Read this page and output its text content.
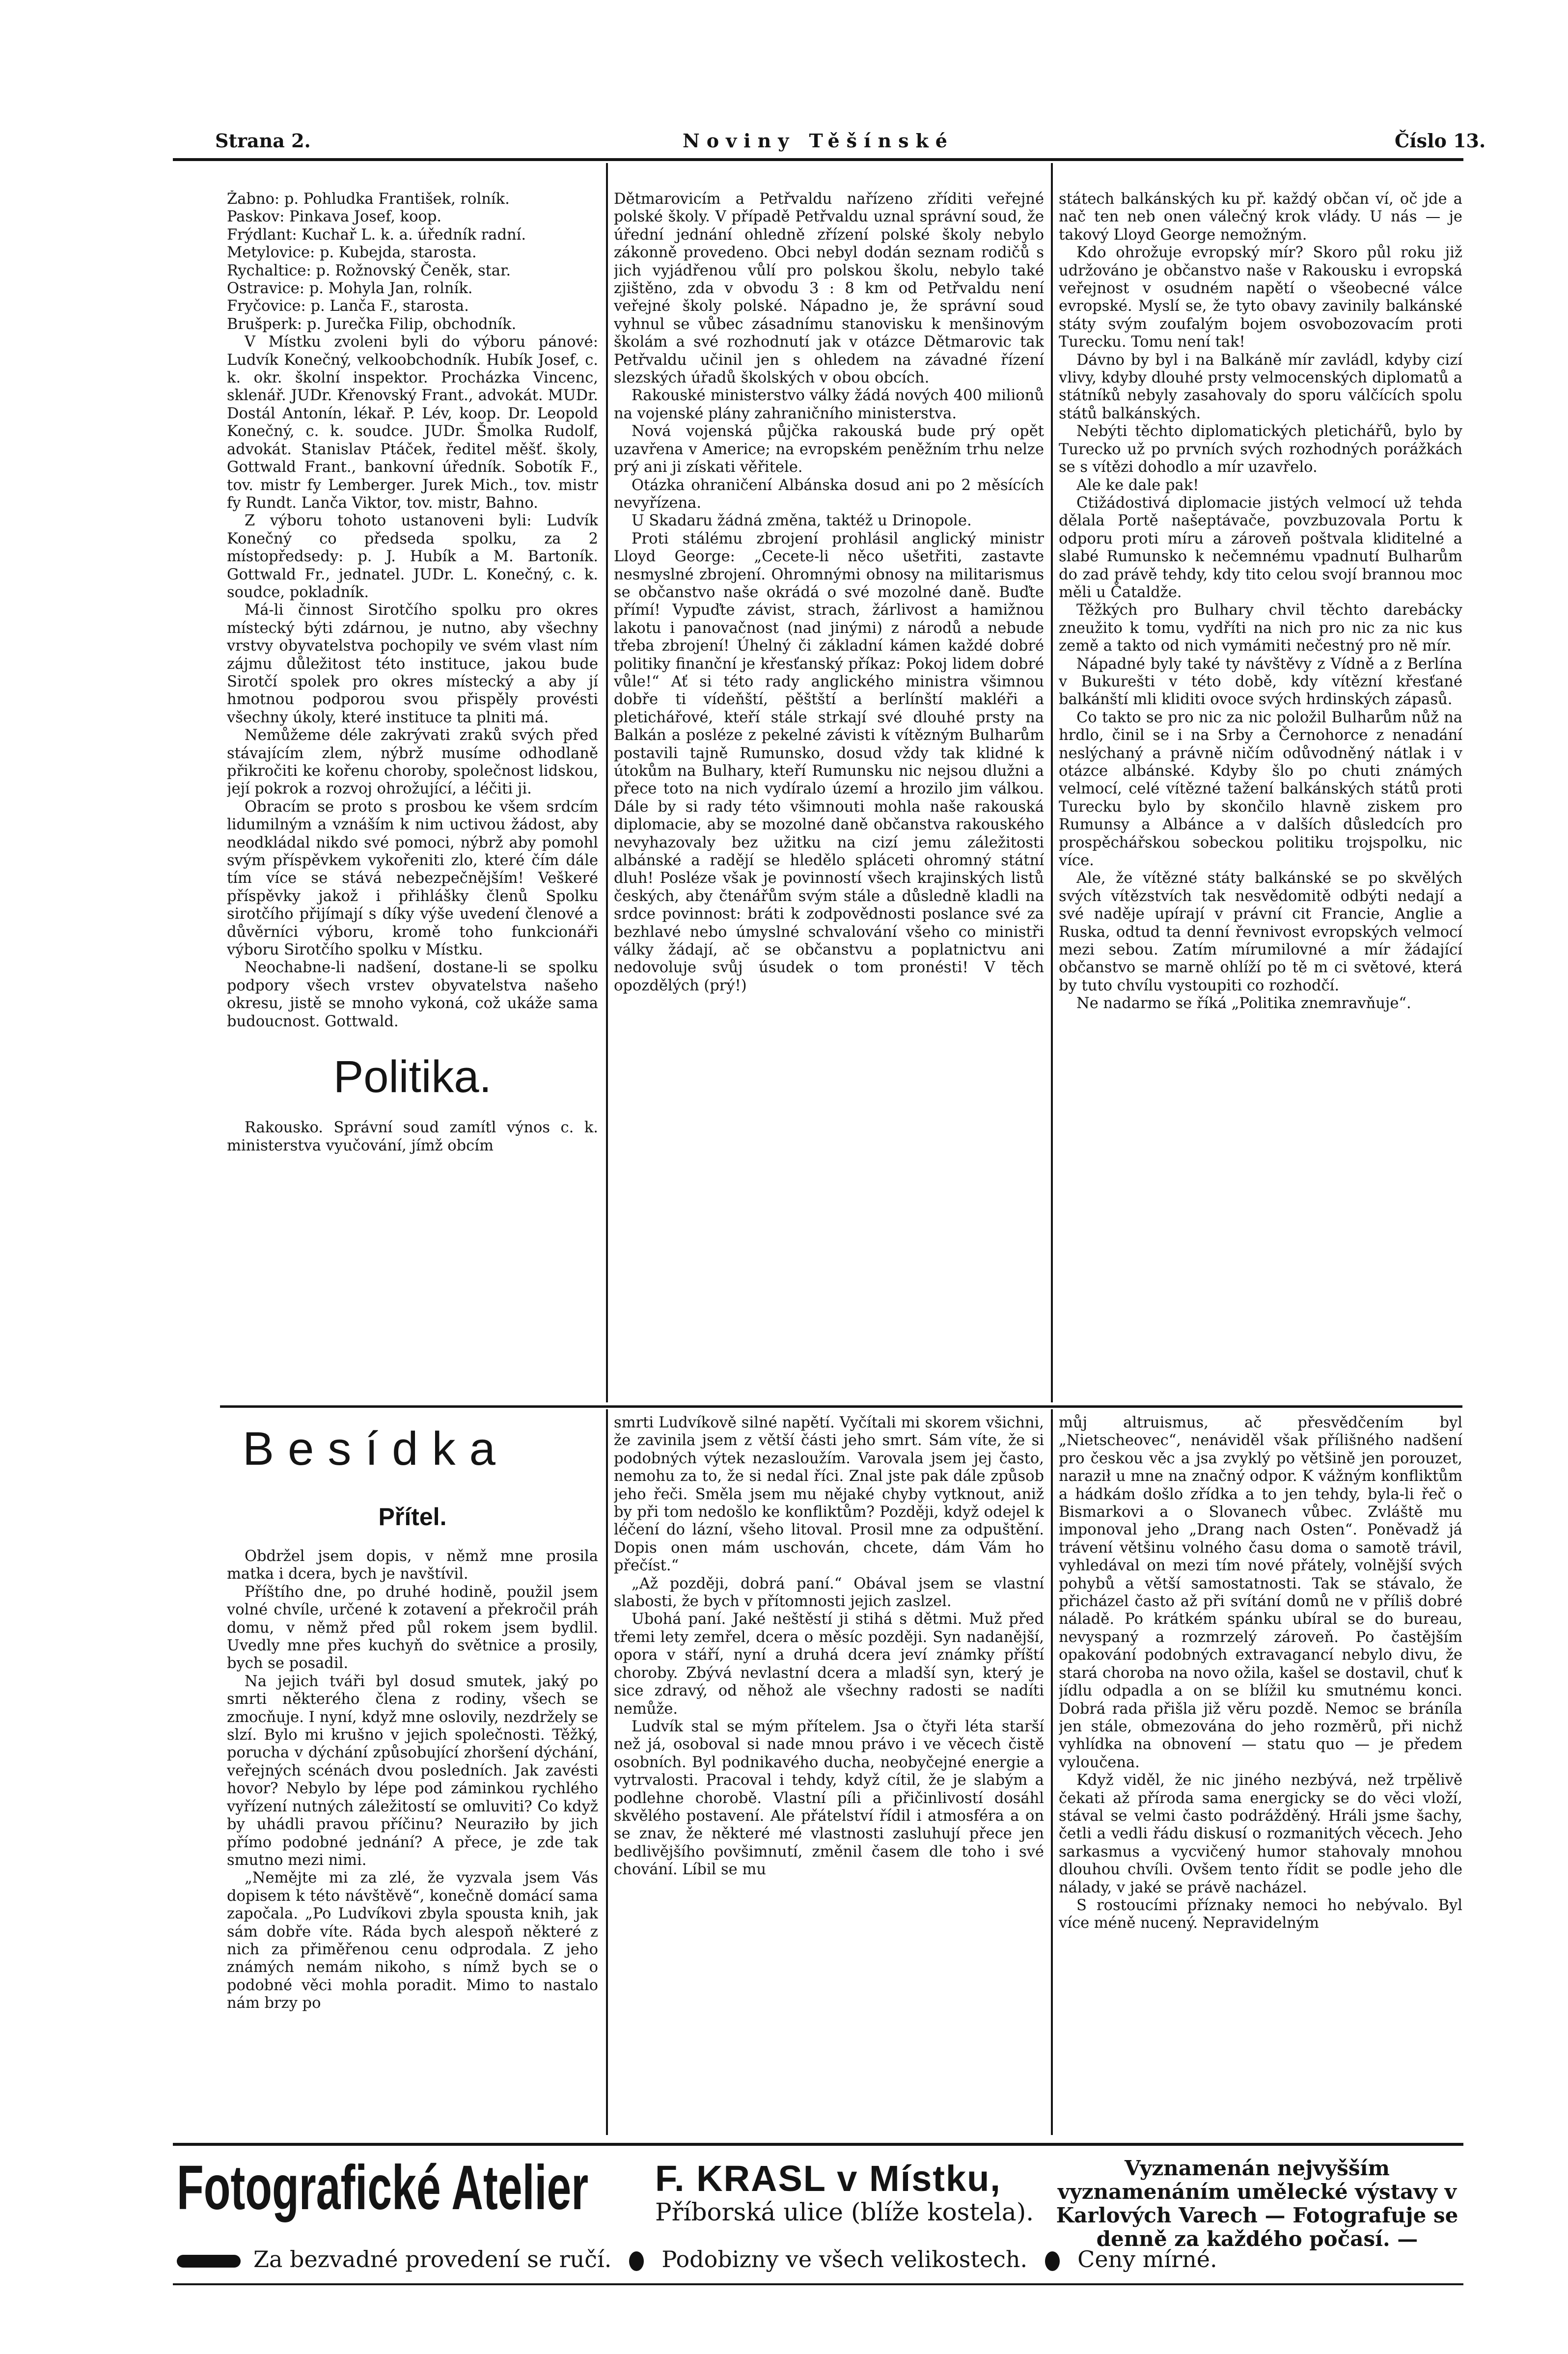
Strana 2.	Noviny Těšínské	Číslo 13.

Žabno: p. Pohludka František, rolník.

Paskov: Pinkava Josef, koop.

Frýdlant: Kuchař L. k. a. úředník radní.

Metylovice: p. Kubejda, starosta.

Rychaltice: p. Rožnovský Čeněk, star.

Ostravice: p. Mohyla Jan, rolník.

Fryčovice: p. Lanča F., starosta.

Brušperk: p. Jurečka Filip, obchodník.

V Místku zvoleni byli do výboru pánové: Ludvík Konečný, velkoobchodník. Hubík Josef, c. k. okr. školní inspektor. Procházka Vincenc, sklenář. JUDr. Křenovský Frant., advokát. MUDr. Dostál Antonín, lékař. P. Lév, koop. Dr. Leopold Konečný, c. k. soudce. JUDr. Šmolka Rudolf, advokát. Stanislav Ptáček, ředitel měšť. školy, Gottwald Frant., bankovní úředník. Sobotík F., tov. mistr fy Lemberger. Jurek Mich., tov. mistr fy Rundt. Lanča Viktor, tov. mistr, Bahno.

Z výboru tohoto ustanoveni byli: Ludvík Konečný co předseda spolku, za 2 místopředsedy: p. J. Hubík a M. Bartoník. Gottwald Fr., jednatel. JUDr. L. Konečný, c. k. soudce, pokladník.

Má-li činnost Sirotčího spolku pro okres místecký býti zdárnou, je nutno, aby všechny vrstvy obyvatelstva pochopily ve svém vlast ním zájmu důležitost této instituce, jakou bude Sirotčí spolek pro okres místecký a aby jí hmotnou podporou svou přispěly provésti všechny úkoly, které instituce ta plniti má.

Nemůžeme déle zakrývati zraků svých před stávajícím zlem, nýbrž musíme odhodlaně přikročiti ke kořenu choroby, společnost lidskou, její pokrok a rozvoj ohrožující, a léčiti ji.

Obracím se proto s prosbou ke všem srdcím lidumilným a vznáším k nim uctivou žádost, aby neodkládal nikdo své pomoci, nýbrž aby pomohl svým příspěvkem vykořeniti zlo, které čím dále tím více se stává nebezpečnějším! Veškeré příspěvky jakož i přihlášky členů Spolku sirotčího přijímají s díky výše uvedení členové a důvěrníci výboru, kromě toho funkcionáři výboru Sirotčího spolku v Místku.

Neochabne-li nadšení, dostane-li se spolku podpory všech vrstev obyvatelstva našeho okresu, jistě se mnoho vykoná, což ukáže sama budoucnost. Gottwald.

Politika.

Rakousko. Správní soud zamítl výnos c. k. ministerstva vyučování, jímž obcím

Dětmarovicím a Petřvaldu nařízeno zříditi veřejné polské školy. V případě Petřvaldu uznal správní soud, že úřední jednání ohledně zřízení polské školy nebylo zákonně provedeno. Obci nebyl dodán seznam rodičů s jich vyjádřenou vůlí pro polskou školu, nebylo také zjištěno, zda v obvodu 3 : 8 km od Petřvaldu není veřejné školy polské. Nápadno je, že správní soud vyhnul se vůbec zásadnímu stanovisku k menšinovým školám a své rozhodnutí jak v otázce Dětmarovic tak Petřvaldu učinil jen s ohledem na závadné řízení slezských úřadů školských v obou obcích.

Rakouské ministerstvo války žádá nových 400 milionů na vojenské plány zahraničního ministerstva.

Nová vojenská půjčka rakouská bude prý opět uzavřena v Americe; na evropském peněžním trhu nelze prý ani ji získati věřitele.

Otázka ohraničení Albánska dosud ani po 2 měsících nevyřízena.

U Skadaru žádná změna, taktéž u Drinopole.

Proti stálému zbrojení prohlásil anglický ministr Lloyd George: „Cecete-li něco ušetřiti, zastavte nesmyslné zbrojení. Ohromnými obnosy na militarismus se občanstvo naše okrádá o své mozolné daně. Buďte přímí! Vypuďte závist, strach, žárlivost a hamižnou lakotu i panovačnost (nad jinými) z národů a nebude třeba zbrojení! Úhelný či základní kámen každé dobré politiky finanční je křesťanský příkaz: Pokoj lidem dobré vůle!“ Ať si této rady anglického ministra všimnou dobře ti vídeňští, pěštští a berlínští makléři a pletichářové, kteří stále strkají své dlouhé prsty na Balkán a posléze z pekelné závisti k vítězným Bulharům postavili tajně Rumunsko, dosud vždy tak klidné k útokům na Bulhary, kteří Rumunsku nic nejsou dlužni a přece toto na nich vydíralo území a hrozilo jim válkou. Dále by si rady této všimnouti mohla naše rakouská diplomacie, aby se mozolné daně občanstva rakouského nevyhazovaly bez užitku na cizí jemu záležitosti albánské a radějí se hledělo spláceti ohromný státní dluh! Posléze však je povinností všech krajinských listů českých, aby čtenářům svým stále a důsledně kladli na srdce povinnost: bráti k zodpovědnosti poslance své za bezhlavé nebo úmyslné schvalování všeho co ministři války žádají, ač se občanstvu a poplatnictvu ani nedovoluje svůj úsudek o tom pronésti! V těch opozdělých (prý!)

státech balkánských ku př. každý občan ví, oč jde a nač ten neb onen válečný krok vlády. U nás — je takový Lloyd George nemožným.

Kdo ohrožuje evropský mír? Skoro půl roku již udržováno je občanstvo naše v Rakousku i evropská veřejnost v osudném napětí o všeobecné válce evropské. Myslí se, že tyto obavy zavinily balkánské státy svým zoufalým bojem osvobozovacím proti Turecku. Tomu není tak!

Dávno by byl i na Balkáně mír zavládl, kdyby cizí vlivy, kdyby dlouhé prsty velmocenských diplomatů a státníků nebyly zasahovaly do sporu válčících spolu států balkánských.

Nebýti těchto diplomatických pletichářů, bylo by Turecko už po prvních svých rozhodných porážkách se s vítězi dohodlo a mír uzavřelo.

Ale ke dale pak!

Ctižádostivá diplomacie jistých velmocí už tehda dělala Portě našeptávače, povzbuzovala Portu k odporu proti míru a zároveň poštvala kliditelné a slabé Rumunsko k nečemnému vpadnutí Bulharům do zad právě tehdy, kdy tito celou svojí brannou moc měli u Čataldže.

Těžkých pro Bulhary chvil těchto darebácky zneužito k tomu, vydříti na nich pro nic za nic kus země a takto od nich vymámiti nečestný pro ně mír.

Nápadné byly také ty návštěvy z Vídně a z Berlína v Bukurešti v této době, kdy vítězní křesťané balkánští mli kliditi ovoce svých hrdinských zápasů.

Co takto se pro nic za nic položil Bulharům nůž na hrdlo, činil se i na Srby a Černohorce z nenadání neslýchaný a právně ničím odůvodněný nátlak i v otázce albánské. Kdyby šlo po chuti známých velmocí, celé vítězné tažení balkánských států proti Turecku bylo by skončilo hlavně ziskem pro Rumunsy a Albánce a v dalších důsledcích pro prospěchářskou sobeckou politiku trojspolku, nic více.

Ale, že vítězné státy balkánské se po skvělých svých vítězstvích tak nesvědomitě odbýti nedají a své naděje upírají v právní cit Francie, Anglie a Ruska, odtud ta denní řevnivost evropských velmocí mezi sebou. Zatím mírumilovné a mír žádající občanstvo se marně ohlíží po tě m ci světové, která by tuto chvílu vystoupiti co rozhodčí.

Ne nadarmo se říká „Politika znemravňuje“.

Besídka
Přítel.

Obdržel jsem dopis, v němž mne prosila matka i dcera, bych je navštívil.

Příštího dne, po druhé hodině, použil jsem volné chvíle, určené k zotavení a překročil práh domu, v němž před půl rokem jsem bydlil. Uvedly mne přes kuchyň do světnice a prosily, bych se posadil.

Na jejich tváři byl dosud smutek, jaký po smrti některého člena z rodiny, všech se zmocňuje. I nyní, když mne oslovily, nezdržely se slzí. Bylo mi krušno v jejich společnosti. Těžký, porucha v dýchání způsobující zhoršení dýchání, veřejných scénách dvou posledních. Jak zavésti hovor? Nebylo by lépe pod záminkou rychlého vyřízení nutných záležitostí se omluviti? Co když by uhádli pravou příčinu? Neuraziło by jich přímo podobné jednání? A přece, je zde tak smutno mezi nimi.

„Nemějte mi za zlé, že vyzvala jsem Vás dopisem k této návštěvě“, konečně domácí sama započala. „Po Ludvíkovi zbyla spousta knih, jak sám dobře víte. Ráda bych alespoň některé z nich za přiměřenou cenu odprodala. Z jeho známých nemám nikoho, s nímž bych se o podobné věci mohla poradit. Mimo to nastalo nám brzy po

smrti Ludvíkově silné napětí. Vyčítali mi skorem všichni, že zavinila jsem z větší části jeho smrt. Sám víte, že si podobných výtek nezasloužím. Varovala jsem jej často, nemohu za to, že si nedal říci. Znal jste pak dále způsob jeho řeči. Směla jsem mu nějaké chyby vytknout, aniž by při tom nedošlo ke konfliktům? Později, když odejel k léčení do lázní, všeho litoval. Prosil mne za odpuštění. Dopis onen mám uschován, chcete, dám Vám ho přečíst.“

„Až později, dobrá paní.“ Obával jsem se vlastní slabosti, že bych v přítomnosti jejich zaslzel.

Ubohá paní. Jaké neštěstí ji stihá s dětmi. Muž před třemi lety zemřel, dcera o měsíc později. Syn nadanější, opora v stáří, nyní a druhá dcera jeví známky příští choroby. Zbývá nevlastní dcera a mladší syn, který je sice zdravý, od něhož ale všechny radosti se nadíti nemůže.

Ludvík stal se mým přítelem. Jsa o čtyři léta starší než já, osoboval si nade mnou právo i ve věcech čistě osobních. Byl podnikavého ducha, neobyčejné energie a vytrvalosti. Pracoval i tehdy, když cítil, že je slabým a podlehne chorobě. Vlastní píli a přičinlivostí dosáhl skvělého postavení. Ale přátelství řídil i atmosféra a on se znav, že některé mé vlastnosti zasluhují přece jen bedlivějšího povšimnutí, změnil časem dle toho i své chování. Líbil se mu

můj altruismus, ač přesvědčením byl „Nietscheovec“, nenáviděl však přílišného nadšení pro českou věc a jsa zvyklý po většině jen porouzet, naraził u mne na značný odpor. K vážným konfliktům a hádkám došlo zřídka a to jen tehdy, byla-li řeč o Bismarkovi a o Slovanech vůbec. Zvláště mu imponoval jeho „Drang nach Osten“. Poněvadž já trávení většinu volného času doma o samotě trávil, vyhledával on mezi tím nové přátely, volnější svých pohybů a větší samostatnosti. Tak se stávalo, že přicházel často až při svítání domů ne v příliš dobré náladě. Po krátkém spánku ubíral se do bureau, nevyspaný a rozmrzelý zároveň. Po častějším opakování podobných extravagancí nebylo divu, že stará choroba na novo ožila, kašel se dostavil, chuť k jídlu odpadla a on se blížil ku smutnému konci. Dobrá rada přišla již věru pozdě. Nemoc se bráníla jen stále, obmezována do jeho rozměrů, při nichž vyhlídka na obnovení — statu quo — je předem vyloučena.

Když viděl, že nic jiného nezbývá, než trpělivě čekati až příroda sama energicky se do věci vloží, stával se velmi často podrážděný. Hráli jsme šachy, četli a vedli řádu diskusí o rozmanitých věcech. Jeho sarkasmus a vycvičený humor stahovaly mnohou dlouhou chvíli. Ovšem tento řídit se podle jeho dle nálady, v jaké se právě nacházel.

S rostoucími příznaky nemoci ho nebývalo. Byl více méně nucený. Nepravidelným

Fotografické Atelier F. KRASL v Místku,
Příborská ulice (blíže kostela).
Vyznamenán nejvyšším vyznamenáním umělecké výstavy v Karlových Varech — Fotografuje se denně za každého počasí. —
Za bezvadné provedení se ručí. Podobizny ve všech velikostech. Ceny mírné.
